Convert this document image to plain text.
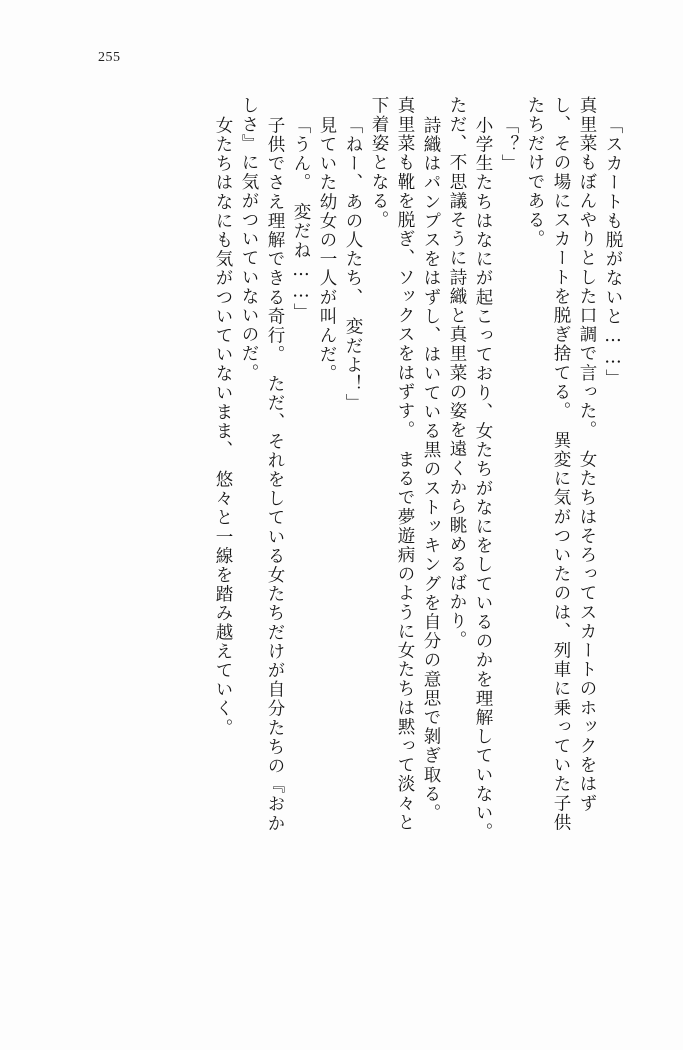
255
「スカートも脱がないと……」
真里菜もぼんやりとした口調で言った。　女たちはそろってスカートのホックをはず
し、その場にスカートを脱ぎ捨てる。　異変に気がついたのは、列車に乗っていた子供
たちだけである。
「？」
小学生たちはなにが起こっており、女たちがなにをしているのかを理解していない。
ただ、不思議そうに詩織と真里菜の姿を遠くから眺めるばかり。
詩織はパンプスをはずし、はいている黒のストッキングを自分の意思で剝ぎ取る。
真里菜も靴を脱ぎ、ソックスをはずす。　まるで夢遊病のように女たちは黙って淡々と
下着姿となる。
「ねー、あの人たち、　変だよ！」
見ていた幼女の一人が叫んだ。
「うん。　変だね……」
子供でさえ理解できる奇行。　ただ、それをしている女たちだけが自分たちの『おか
しさ』に気がついていないのだ。
女たちはなにも気がついていないまま、　悠々と一線を踏み越えていく。
